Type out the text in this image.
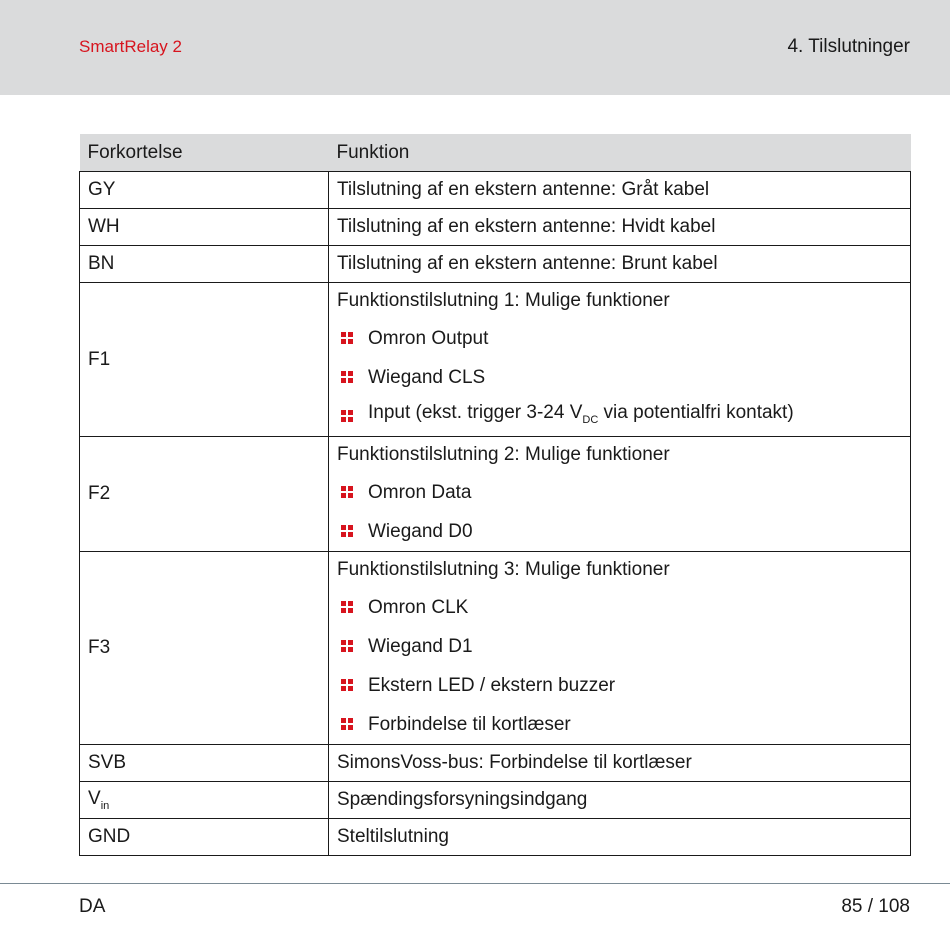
SmartRelay 2	4. Tilslutninger
Forkortelse	Funktion
GY	Tilslutning af en ekstern antenne: Gråt kabel
WH	Tilslutning af en ekstern antenne: Hvidt kabel
BN	Tilslutning af en ekstern antenne: Brunt kabel
F1	Funktionstilslutning 1: Mulige funktioner
Omron Output
Wiegand CLS
Input (ekst. trigger 3-24 $V_{DC}$ via potentialfri kontakt)

F2	Funktionstilslutning 2: Mulige funktioner
Omron Data
Wiegand D0

F3	Funktionstilslutning 3: Mulige funktioner
Omron CLK
Wiegand D1
Ekstern LED / ekstern buzzer
Forbindelse til kortlæser

SVB	SimonsVoss-bus: Forbindelse til kortlæser
$V_{in}$	Spændingsforsyningsindgang
GND	Steltilslutning
DA	85 / 108
